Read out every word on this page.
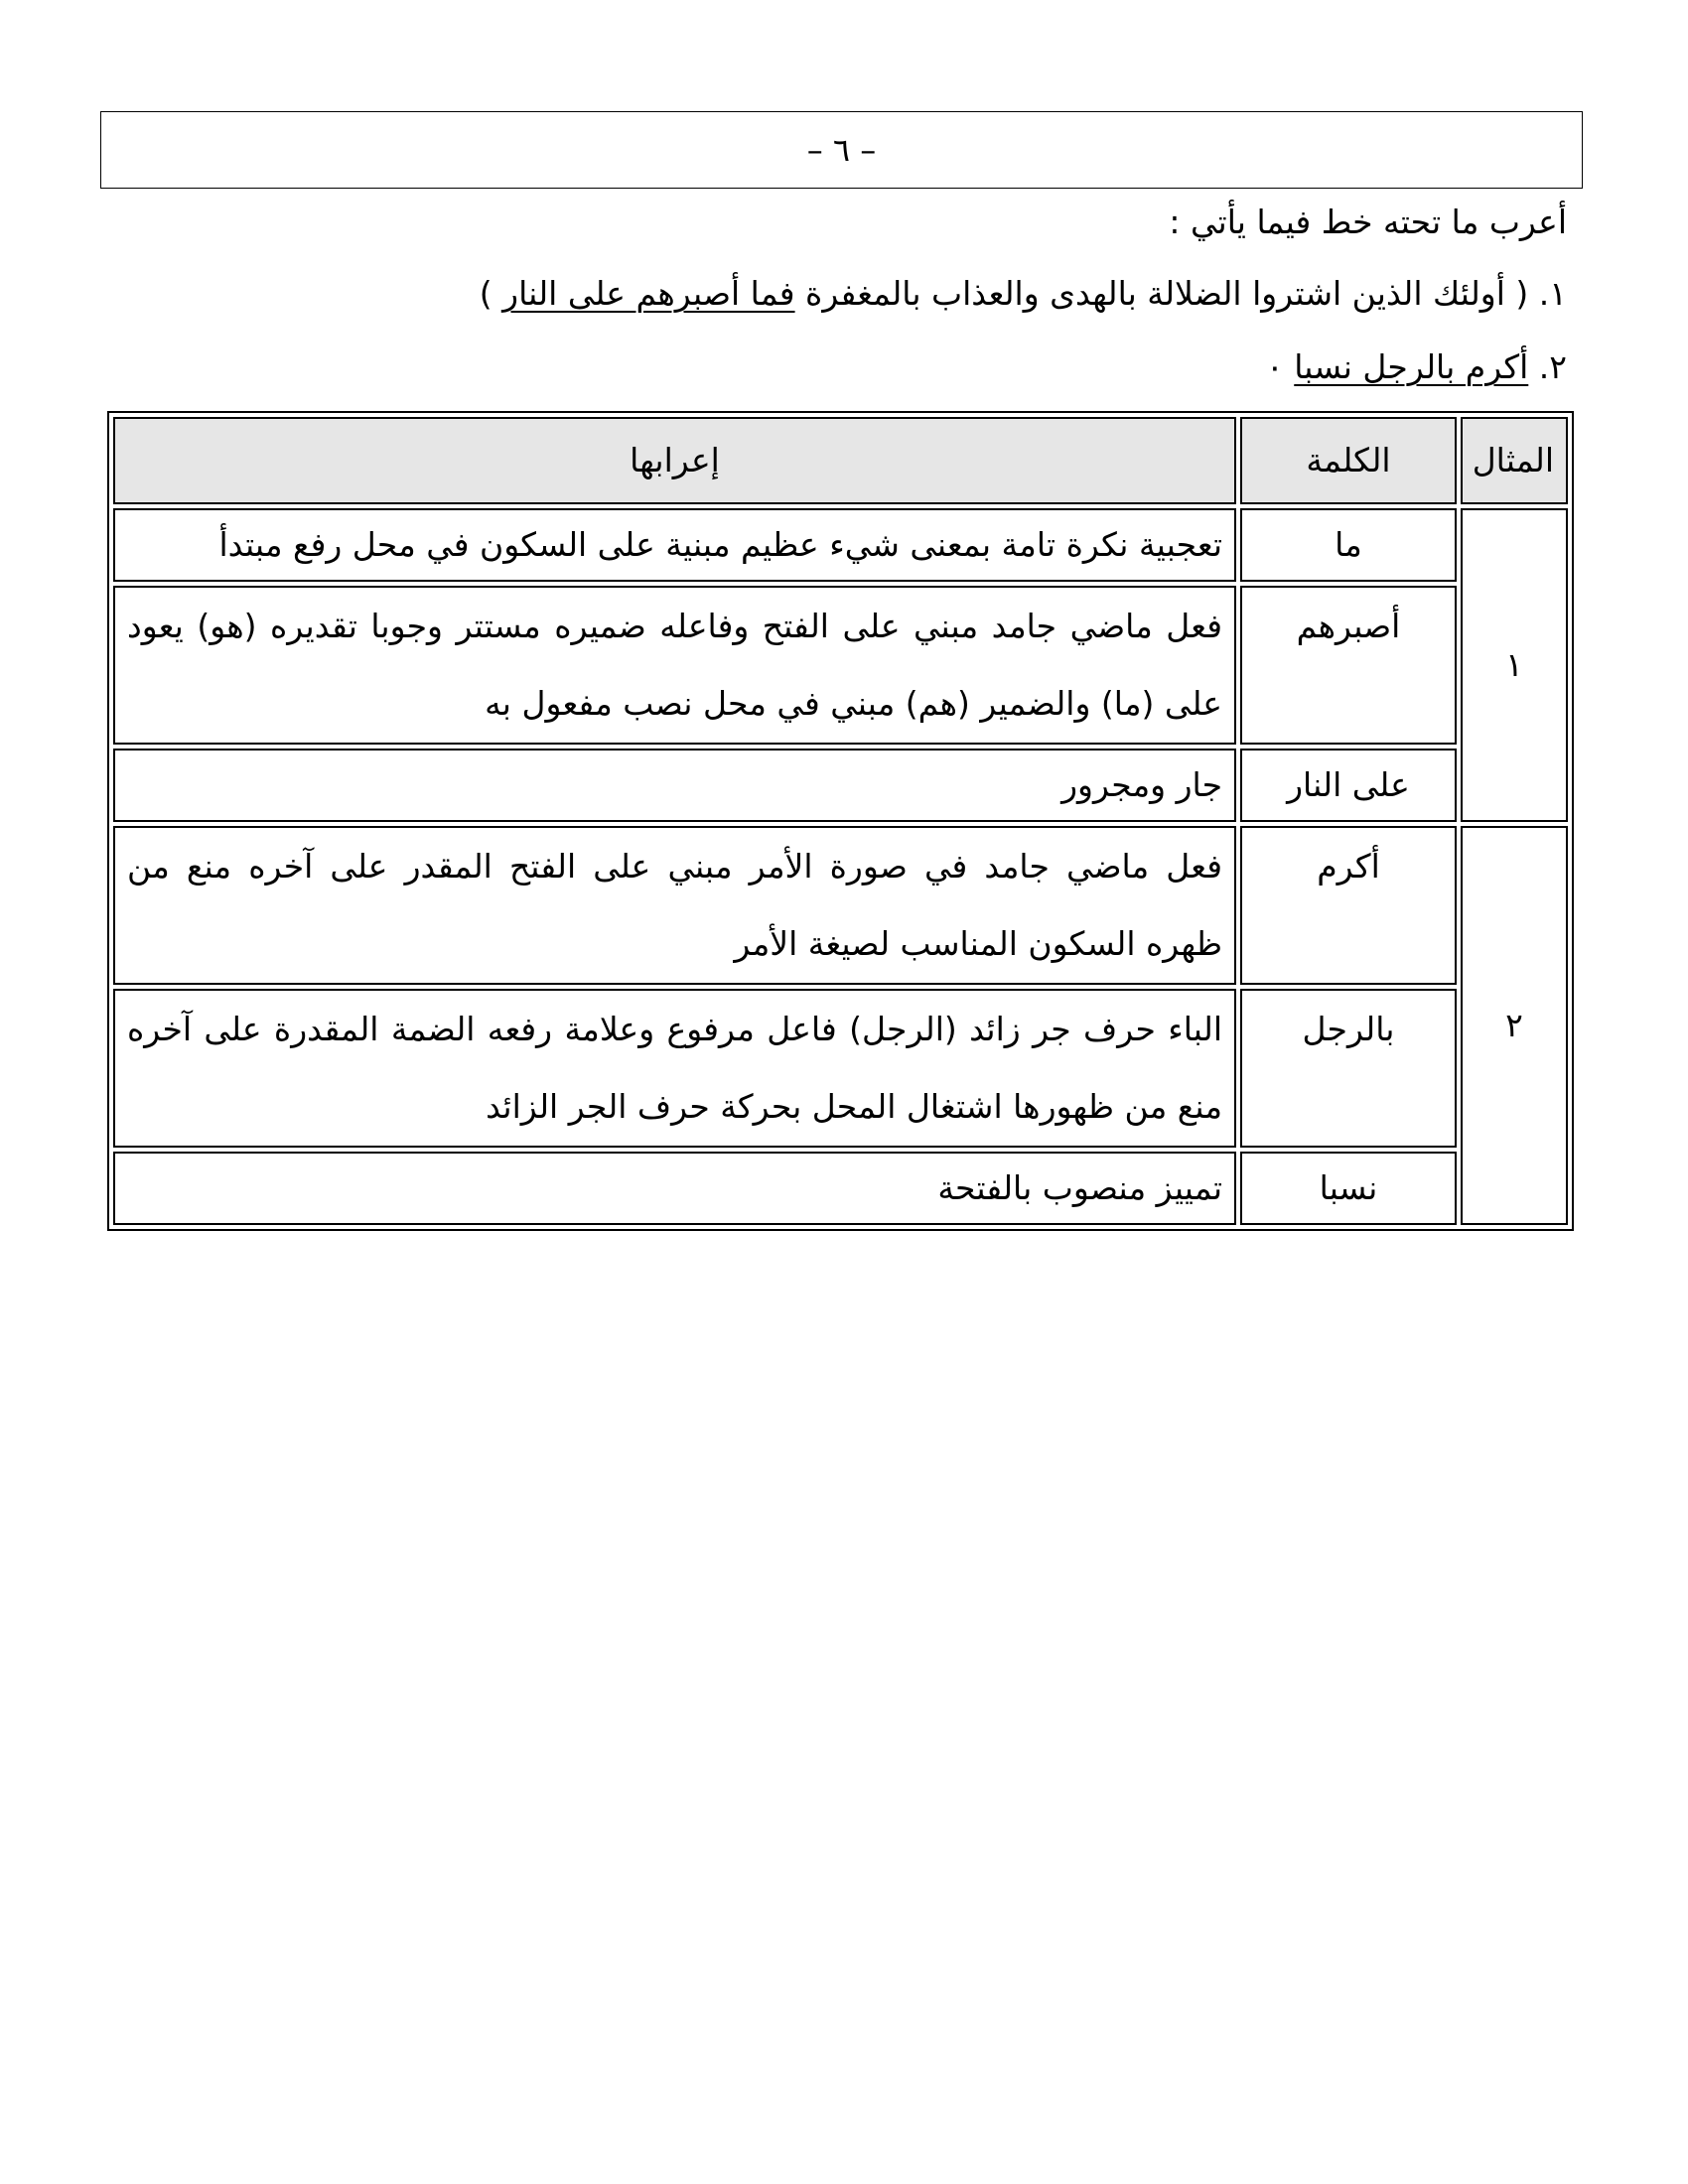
– ٦ –
أعرب ما تحته خط فيما يأتي :
١. ( أولئك الذين اشتروا الضلالة بالهدى والعذاب بالمغفرة فما أصبرهم على النار )
٢. أكرم بالرجل نسبا ٠
المثال	الكلمة	إعرابها
١	ما	تعجبية نكرة تامة بمعنى شيء عظيم مبنية على السكون في محل رفع مبتدأ
	أصبرهم	فعل ماضي جامد مبني على الفتح وفاعله ضميره مستتر وجوبا تقديره (هو) يعود على (ما) والضمير (هم) مبني في محل نصب مفعول به
	على النار	جار ومجرور
٢	أكرم	فعل ماضي جامد في صورة الأمر مبني على الفتح المقدر على آخره منع من ظهره السكون المناسب لصيغة الأمر
	بالرجل	الباء حرف جر زائد (الرجل) فاعل مرفوع وعلامة رفعه الضمة المقدرة على آخره منع من ظهورها اشتغال المحل بحركة حرف الجر الزائد
	نسبا	تمييز منصوب بالفتحة
